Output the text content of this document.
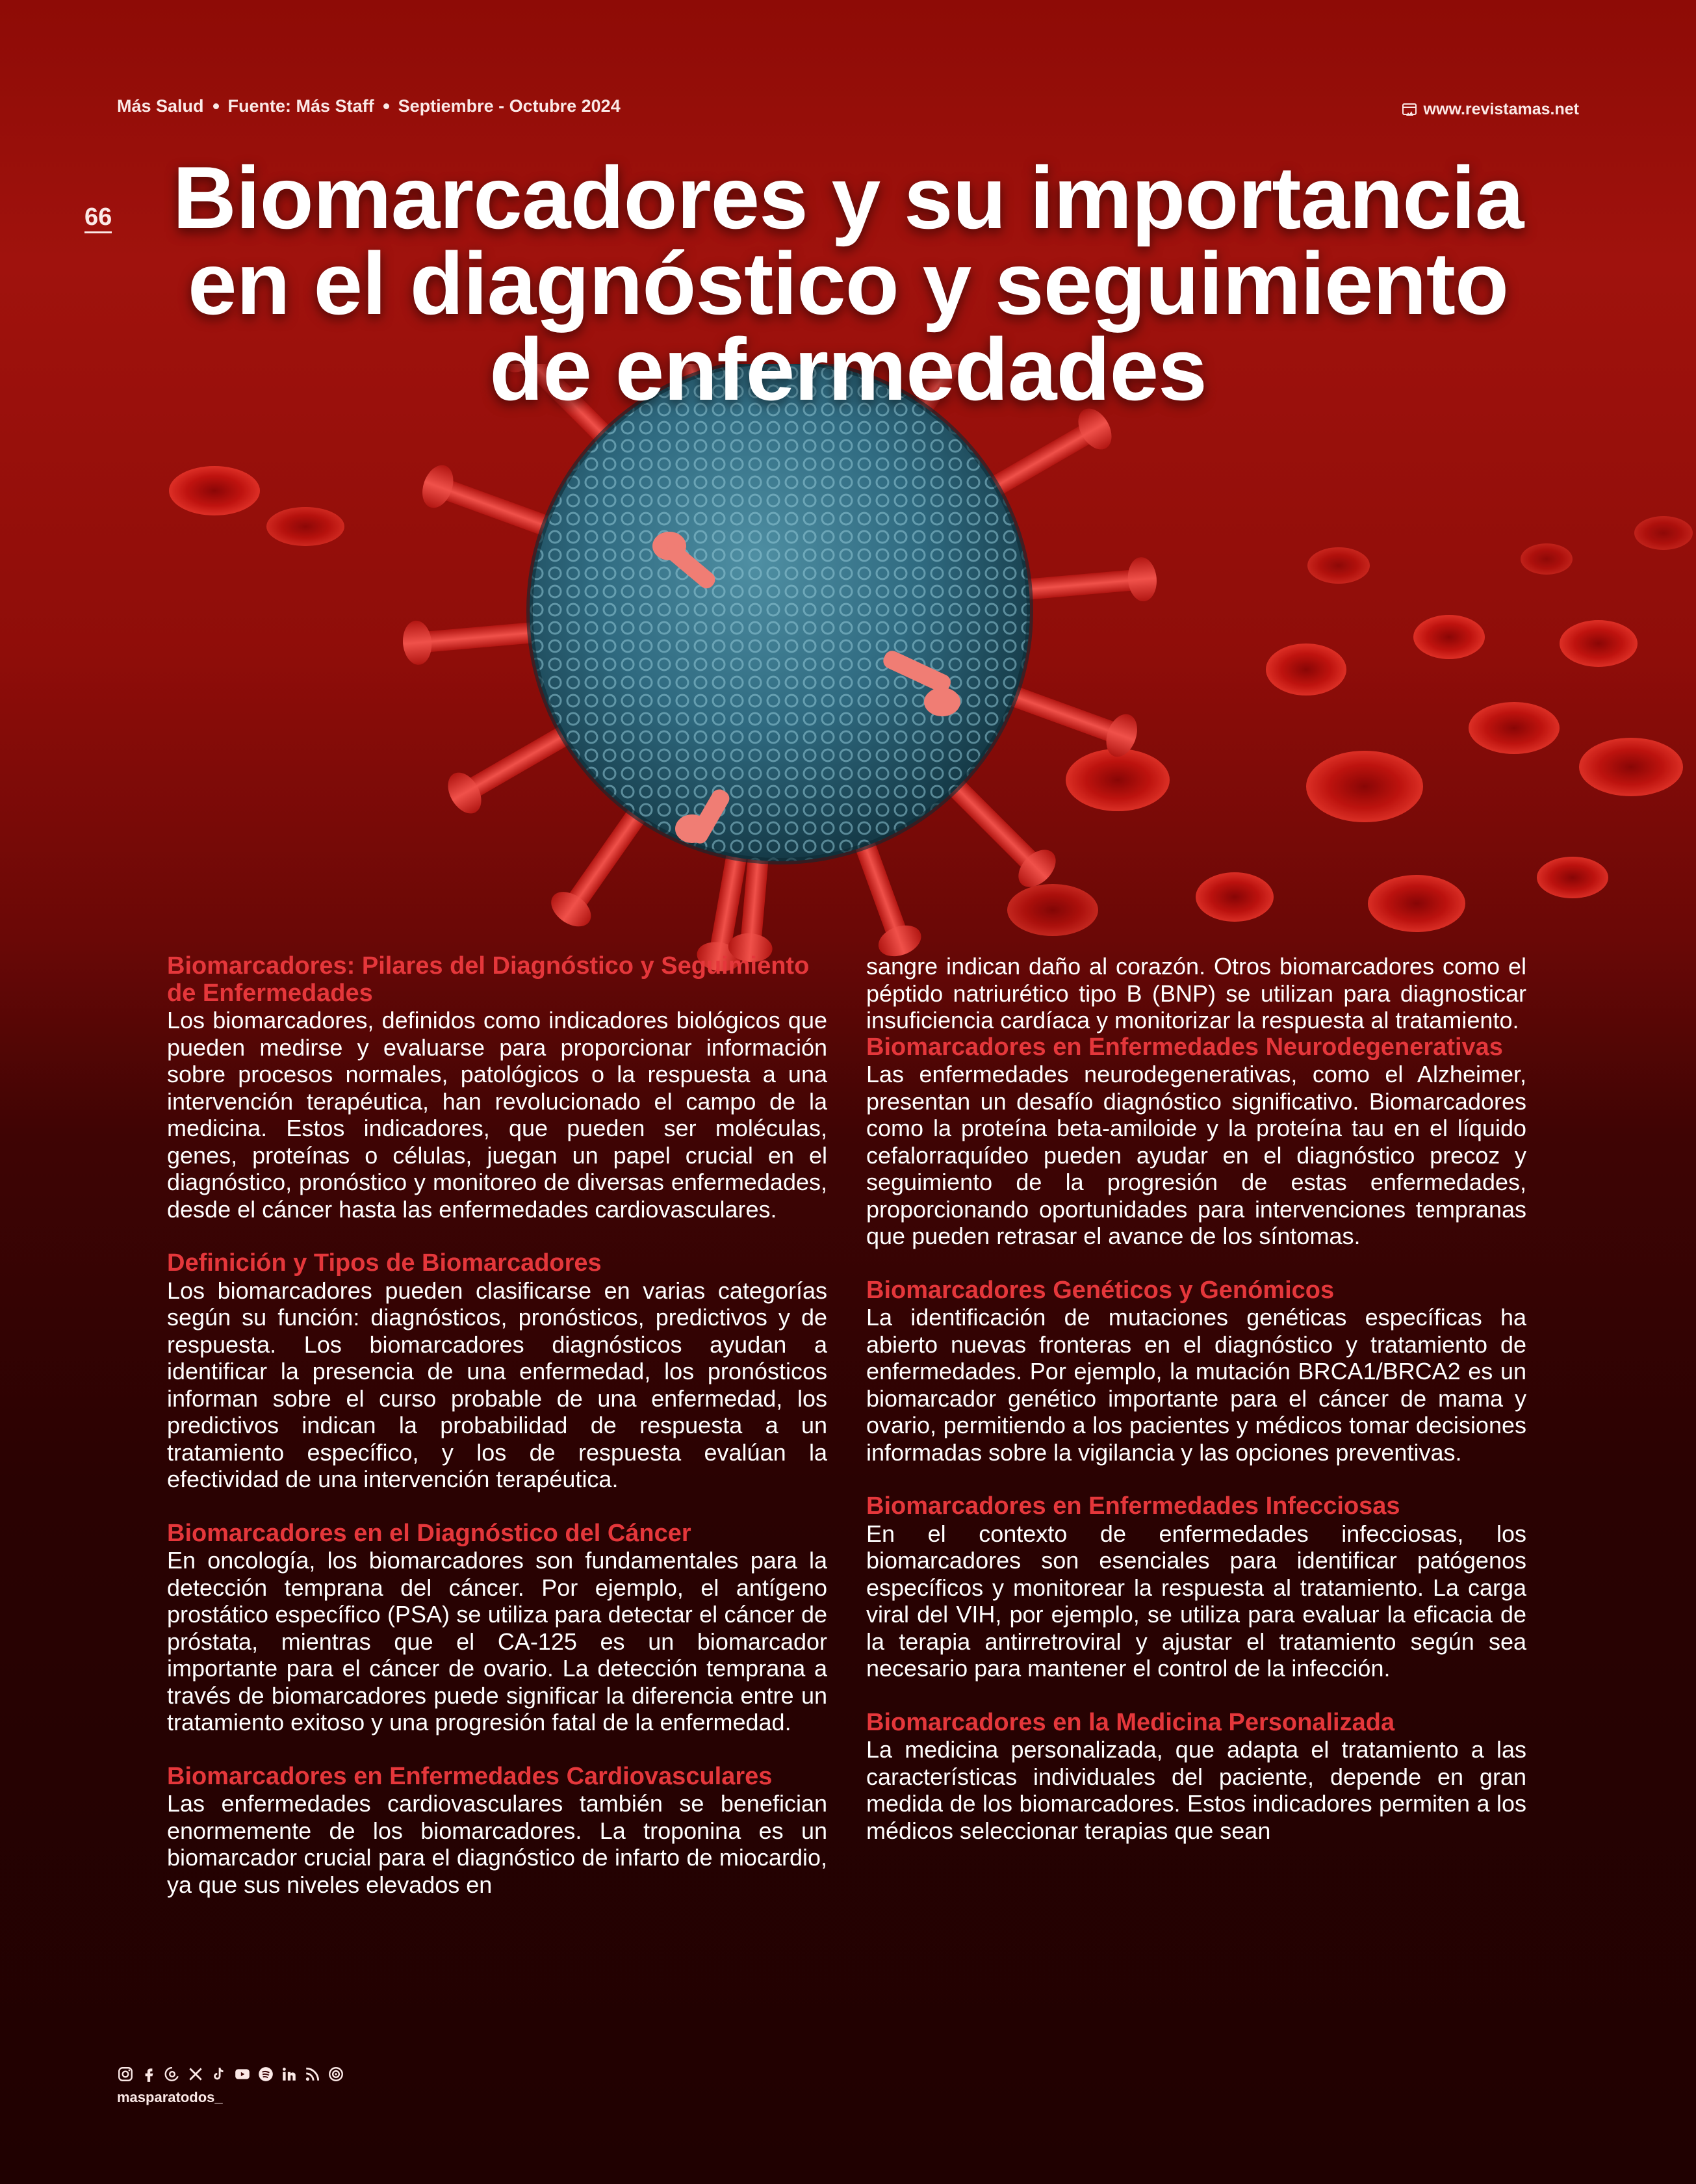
Más Salud Fuente: Más Staff Septiembre - Octubre 2024	www.revistamas.net
66 Biomarcadores y su importancia en el diagnóstico y seguimiento de enfermedades
Biomarcadores: Pilares del Diagnóstico y Seguimiento de Enfermedades

Los biomarcadores, definidos como indicadores biológicos que pueden medirse y evaluarse para proporcionar información sobre procesos normales, patológicos o la respuesta a una intervención terapéutica, han revolucionado el campo de la medicina. Estos indicadores, que pueden ser moléculas, genes, proteínas o células, juegan un papel crucial en el diagnóstico, pronóstico y monitoreo de diversas enfermedades, desde el cáncer hasta las enfermedades cardiovasculares.

Definición y Tipos de Biomarcadores

Los biomarcadores pueden clasificarse en varias categorías según su función: diagnósticos, pronósticos, predictivos y de respuesta. Los biomarcadores diagnósticos ayudan a identificar la presencia de una enfermedad, los pronósticos informan sobre el curso probable de una enfermedad, los predictivos indican la probabilidad de respuesta a un tratamiento específico, y los de respuesta evalúan la efectividad de una intervención terapéutica.

Biomarcadores en el Diagnóstico del Cáncer

En oncología, los biomarcadores son fundamentales para la detección temprana del cáncer. Por ejemplo, el antígeno prostático específico (PSA) se utiliza para detectar el cáncer de próstata, mientras que el CA-125 es un biomarcador importante para el cáncer de ovario. La detección temprana a través de biomarcadores puede significar la diferencia entre un tratamiento exitoso y una progresión fatal de la enfermedad.

Biomarcadores en Enfermedades Cardiovasculares

Las enfermedades cardiovasculares también se benefician enormemente de los biomarcadores. La troponina es un biomarcador crucial para el diagnóstico de infarto de miocardio, ya que sus niveles elevados en

sangre indican daño al corazón. Otros biomarcadores como el péptido natriurético tipo B (BNP) se utilizan para diagnosticar insuficiencia cardíaca y monitorizar la respuesta al tratamiento.

Biomarcadores en Enfermedades Neurodegenerativas

Las enfermedades neurodegenerativas, como el Alzheimer, presentan un desafío diagnóstico significativo. Biomarcadores como la proteína beta-amiloide y la proteína tau en el líquido cefalorraquídeo pueden ayudar en el diagnóstico precoz y seguimiento de la progresión de estas enfermedades, proporcionando oportunidades para intervenciones tempranas que pueden retrasar el avance de los síntomas.

Biomarcadores Genéticos y Genómicos

La identificación de mutaciones genéticas específicas ha abierto nuevas fronteras en el diagnóstico y tratamiento de enfermedades. Por ejemplo, la mutación BRCA1/BRCA2 es un biomarcador genético importante para el cáncer de mama y ovario, permitiendo a los pacientes y médicos tomar decisiones informadas sobre la vigilancia y las opciones preventivas.

Biomarcadores en Enfermedades Infecciosas

En el contexto de enfermedades infecciosas, los biomarcadores son esenciales para identificar patógenos específicos y monitorear la respuesta al tratamiento. La carga viral del VIH, por ejemplo, se utiliza para evaluar la eficacia de la terapia antirretroviral y ajustar el tratamiento según sea necesario para mantener el control de la infección.

Biomarcadores en la Medicina Personalizada

La medicina personalizada, que adapta el tratamiento a las características individuales del paciente, depende en gran medida de los biomarcadores. Estos indicadores permiten a los médicos seleccionar terapias que sean

masparatodos_
